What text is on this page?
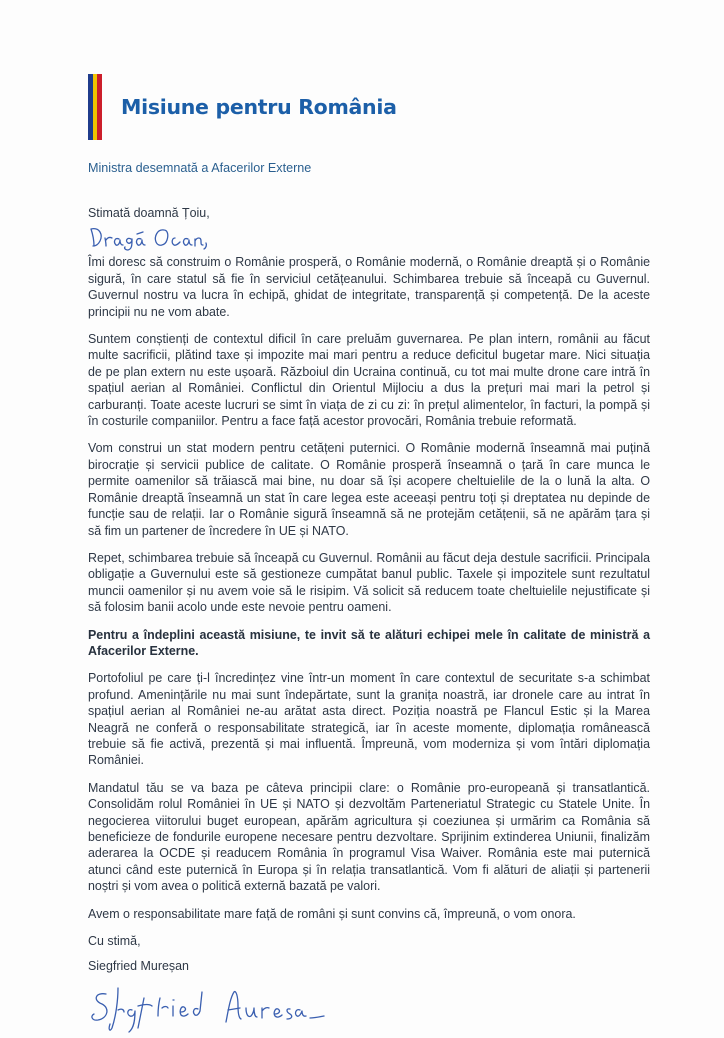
Misiune pentru România
Ministra desemnată a Afacerilor Externe

Stimată doamnă Țoiu,

Îmi doresc să construim o Românie prosperă, o Românie modernă, o Românie dreaptă și o Românie sigură, în care statul să fie în serviciul cetățeanului. Schimbarea trebuie să înceapă cu Guvernul. Guvernul nostru va lucra în echipă, ghidat de integritate, transparență și competență. De la aceste principii nu ne vom abate.

Suntem conștienți de contextul dificil în care preluăm guvernarea. Pe plan intern, românii au făcut multe sacrificii, plătind taxe și impozite mai mari pentru a reduce deficitul bugetar mare. Nici situația de pe plan extern nu este ușoară. Războiul din Ucraina continuă, cu tot mai multe drone care intră în spațiul aerian al României. Conflictul din Orientul Mijlociu a dus la prețuri mai mari la petrol și carburanți. Toate aceste lucruri se simt în viața de zi cu zi: în prețul alimentelor, în facturi, la pompă și în costurile companiilor. Pentru a face față acestor provocări, România trebuie reformată.

Vom construi un stat modern pentru cetățeni puternici. O Românie modernă înseamnă mai puțină birocrație și servicii publice de calitate. O Românie prosperă înseamnă o țară în care munca le permite oamenilor să trăiască mai bine, nu doar să își acopere cheltuielile de la o lună la alta. O Românie dreaptă înseamnă un stat în care legea este aceeași pentru toți și dreptatea nu depinde de funcție sau de relații. Iar o Românie sigură înseamnă să ne protejăm cetățenii, să ne apărăm țara și să fim un partener de încredere în UE și NATO.

Repet, schimbarea trebuie să înceapă cu Guvernul. Românii au făcut deja destule sacrificii. Principala obligație a Guvernului este să gestioneze cumpătat banul public. Taxele și impozitele sunt rezultatul muncii oamenilor și nu avem voie să le risipim. Vă solicit să reducem toate cheltuielile nejustificate și să folosim banii acolo unde este nevoie pentru oameni.

Pentru a îndeplini această misiune, te invit să te alături echipei mele în calitate de ministră a Afacerilor Externe.

Portofoliul pe care ți-l încredințez vine într-un moment în care contextul de securitate s-a schimbat profund. Amenințările nu mai sunt îndepărtate, sunt la granița noastră, iar dronele care au intrat în spațiul aerian al României ne-au arătat asta direct. Poziția noastră pe Flancul Estic și la Marea Neagră ne conferă o responsabilitate strategică, iar în aceste momente, diplomația românească trebuie să fie activă, prezentă și mai influentă. Împreună, vom moderniza și vom întări diplomația României.

Mandatul tău se va baza pe câteva principii clare: o Românie pro-europeană și transatlantică. Consolidăm rolul României în UE și NATO și dezvoltăm Parteneriatul Strategic cu Statele Unite. În negocierea viitorului buget european, apărăm agricultura și coeziunea și urmărim ca România să beneficieze de fondurile europene necesare pentru dezvoltare. Sprijinim extinderea Uniunii, finalizăm aderarea la OCDE și readucem România în programul Visa Waiver. România este mai puternică atunci când este puternică în Europa și în relația transatlantică. Vom fi alături de aliații și partenerii noștri și vom avea o politică externă bazată pe valori.

Avem o responsabilitate mare față de români și sunt convins că, împreună, o vom onora.

Cu stimă,

Siegfried Mureșan
